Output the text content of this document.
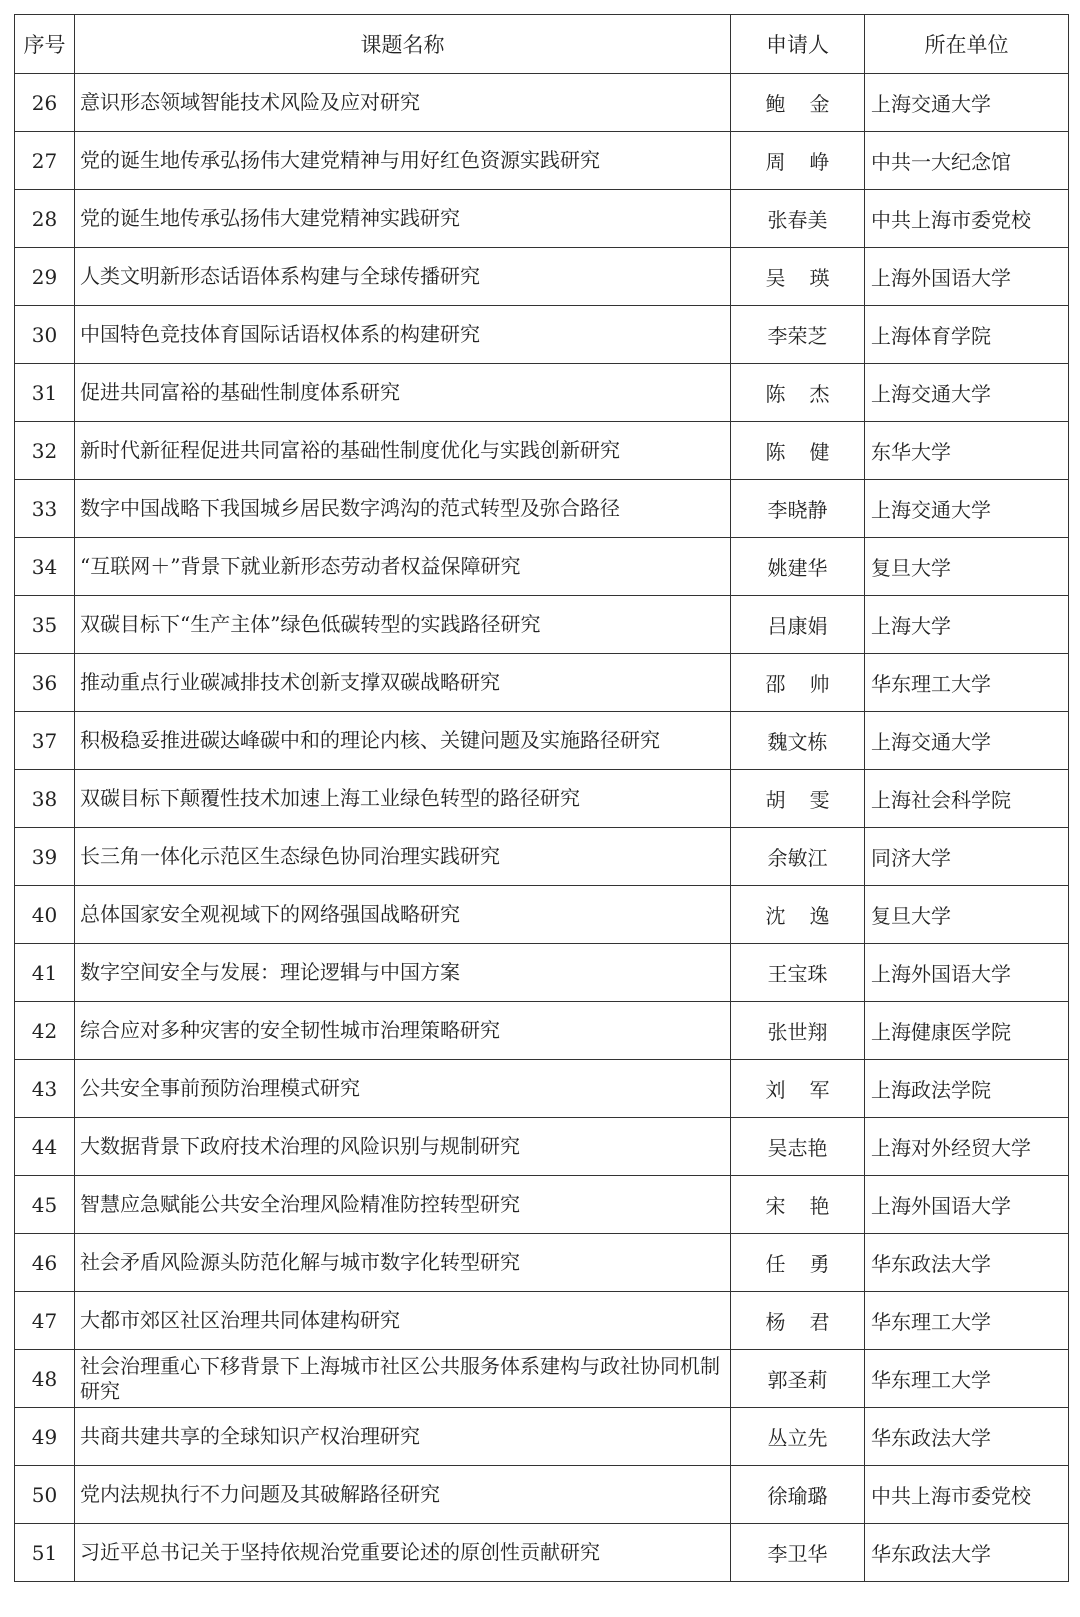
序号	课题名称	申请人	所在单位
26	意识形态领域智能技术风险及应对研究	鲍金	上海交通大学
27	党的诞生地传承弘扬伟大建党精神与用好红色资源实践研究	周峥	中共一大纪念馆
28	党的诞生地传承弘扬伟大建党精神实践研究	张春美	中共上海市委党校
29	人类文明新形态话语体系构建与全球传播研究	吴瑛	上海外国语大学
30	中国特色竞技体育国际话语权体系的构建研究	李荣芝	上海体育学院
31	促进共同富裕的基础性制度体系研究	陈杰	上海交通大学
32	新时代新征程促进共同富裕的基础性制度优化与实践创新研究	陈健	东华大学
33	数字中国战略下我国城乡居民数字鸿沟的范式转型及弥合路径	李晓静	上海交通大学
34	“互联网＋”背景下就业新形态劳动者权益保障研究	姚建华	复旦大学
35	双碳目标下“生产主体”绿色低碳转型的实践路径研究	吕康娟	上海大学
36	推动重点行业碳减排技术创新支撑双碳战略研究	邵帅	华东理工大学
37	积极稳妥推进碳达峰碳中和的理论内核、关键问题及实施路径研究	魏文栋	上海交通大学
38	双碳目标下颠覆性技术加速上海工业绿色转型的路径研究	胡雯	上海社会科学院
39	长三角一体化示范区生态绿色协同治理实践研究	余敏江	同济大学
40	总体国家安全观视域下的网络强国战略研究	沈逸	复旦大学
41	数字空间安全与发展：理论逻辑与中国方案	王宝珠	上海外国语大学
42	综合应对多种灾害的安全韧性城市治理策略研究	张世翔	上海健康医学院
43	公共安全事前预防治理模式研究	刘军	上海政法学院
44	大数据背景下政府技术治理的风险识别与规制研究	吴志艳	上海对外经贸大学
45	智慧应急赋能公共安全治理风险精准防控转型研究	宋艳	上海外国语大学
46	社会矛盾风险源头防范化解与城市数字化转型研究	任勇	华东政法大学
47	大都市郊区社区治理共同体建构研究	杨君	华东理工大学
48	社会治理重心下移背景下上海城市社区公共服务体系建构与政社协同机制研究	郭圣莉	华东理工大学
49	共商共建共享的全球知识产权治理研究	丛立先	华东政法大学
50	党内法规执行不力问题及其破解路径研究	徐瑜璐	中共上海市委党校
51	习近平总书记关于坚持依规治党重要论述的原创性贡献研究	李卫华	华东政法大学
